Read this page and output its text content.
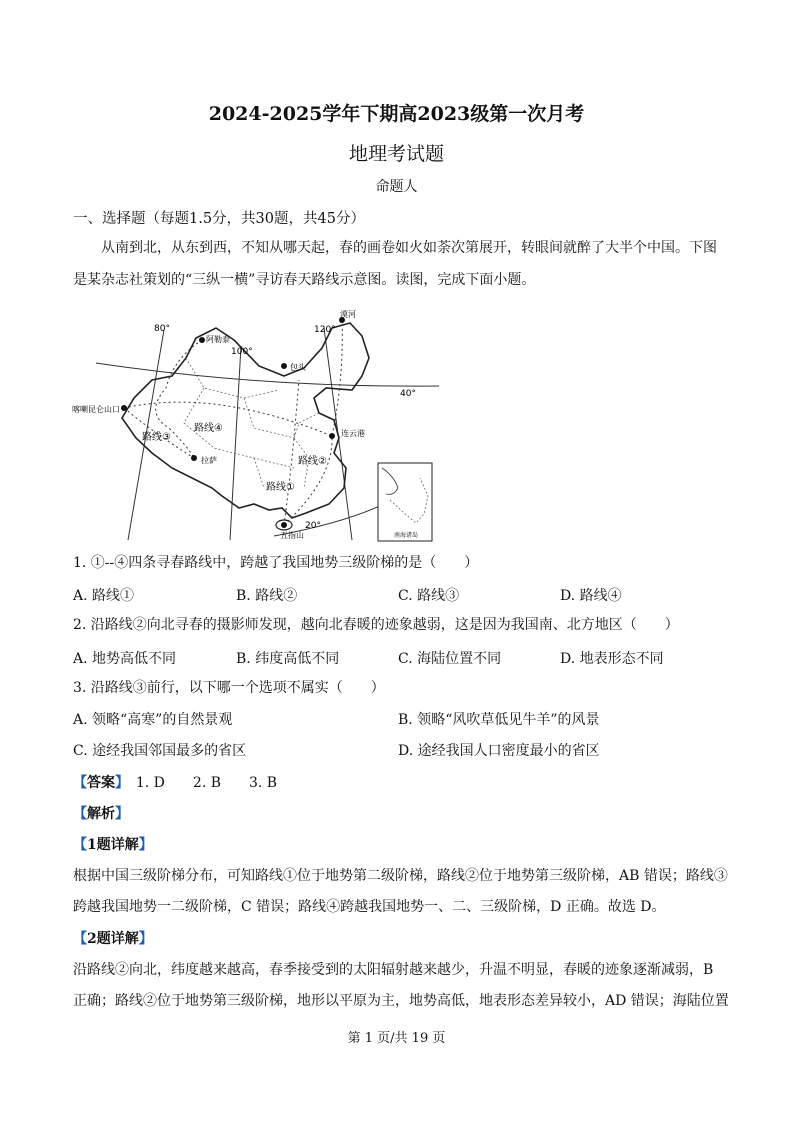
2024-2025学年下期高2023级第一次月考
地理考试题
命题人
一、选择题（每题1.5分，共30题，共45分）
从南到北，从东到西，不知从哪天起，春的画卷如火如荼次第展开，转眼间就醉了大半个中国。下图
是某杂志社策划的“三纵一横”寻访春天路线示意图。读图，完成下面小题。
80°
100°
120°
40°
20°
阿勒泰
漠河
包头
喀喇昆仑山口
连云港
拉萨
五指山
路线①
路线②
路线③
路线④
南海诸岛
1. ①--④四条寻春路线中，跨越了我国地势三级阶梯的是（　　）
A. 路线①	B. 路线②	C. 路线③	D. 路线④
2. 沿路线②向北寻春的摄影师发现，越向北春暖的迹象越弱，这是因为我国南、北方地区（　　）
A. 地势高低不同	B. 纬度高低不同	C. 海陆位置不同	D. 地表形态不同
3. 沿路线③前行，以下哪一个选项不属实（　　）
A. 领略“高寒”的自然景观	B. 领略“风吹草低见牛羊”的风景
C. 途经我国邻国最多的省区	D. 途经我国人口密度最小的省区
【答案】 1. D　　2. B　　3. B
【解析】
【1题详解】
根据中国三级阶梯分布，可知路线①位于地势第二级阶梯，路线②位于地势第三级阶梯，AB 错误；路线③
跨越我国地势一二级阶梯，C 错误；路线④跨越我国地势一、二、三级阶梯，D 正确。故选 D。
【2题详解】
沿路线②向北，纬度越来越高，春季接受到的太阳辐射越来越少，升温不明显，春暖的迹象逐渐减弱，B
正确；路线②位于地势第三级阶梯，地形以平原为主，地势高低，地表形态差异较小，AD 错误；海陆位置
第 1 页/共 19 页
